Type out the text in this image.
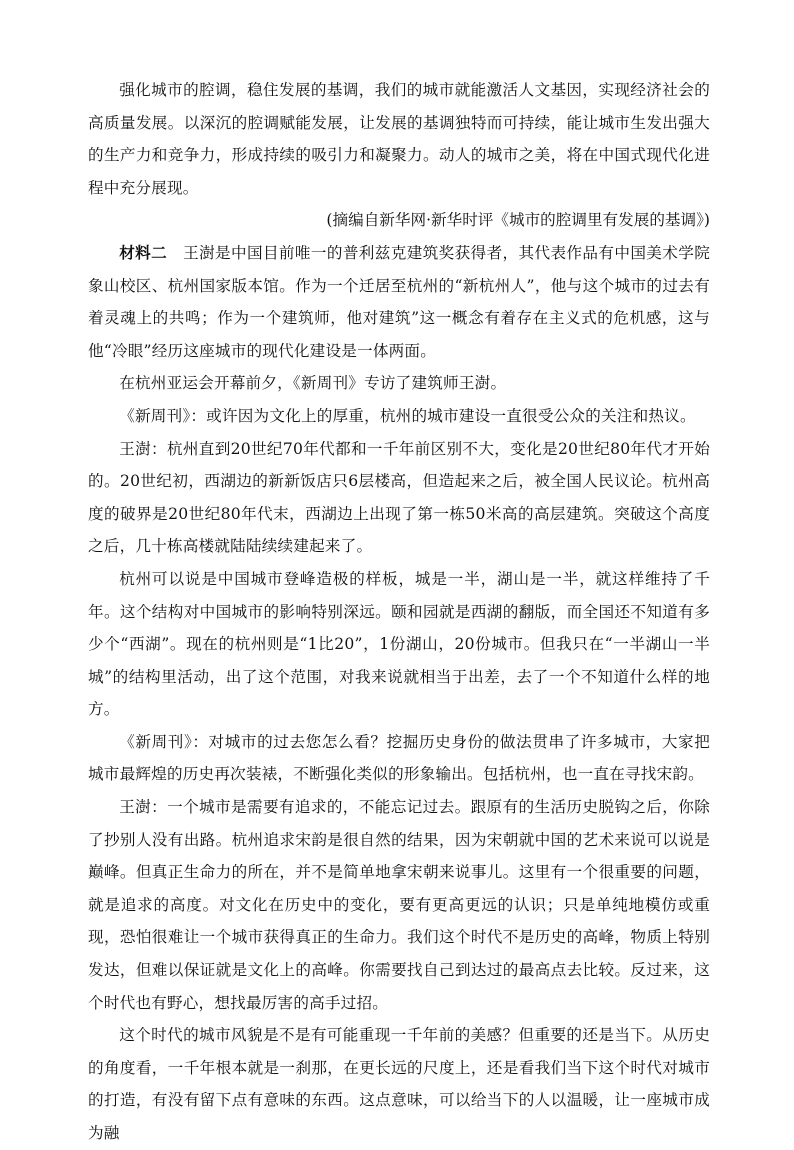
强化城市的腔调，稳住发展的基调，我们的城市就能激活人文基因，实现经济社会的高质量发展。以深沉的腔调赋能发展，让发展的基调独特而可持续，能让城市生发出强大的生产力和竞争力，形成持续的吸引力和凝聚力。动人的城市之美，将在中国式现代化进程中充分展现。

(摘编自新华网·新华时评《城市的腔调里有发展的基调》)

材料二　 王澍是中国目前唯一的普利兹克建筑奖获得者，其代表作品有中国美术学院象山校区、杭州国家版本馆。作为一个迁居至杭州的“新杭州人”，他与这个城市的过去有着灵魂上的共鸣；作为一个建筑师，他对建筑”这一概念有着存在主义式的危机感，这与他“冷眼”经历这座城市的现代化建设是一体两面。

在杭州亚运会开幕前夕，《新周刊》专访了建筑师王澍。

《新周刊》：或许因为文化上的厚重，杭州的城市建设一直很受公众的关注和热议。

王澍：杭州直到20世纪70年代都和一千年前区别不大，变化是20世纪80年代才开始的。20世纪初，西湖边的新新饭店只6层楼高，但造起来之后，被全国人民议论。杭州高度的破界是20世纪80年代末，西湖边上出现了第一栋50米高的高层建筑。突破这个高度之后，几十栋高楼就陆陆续续建起来了。

杭州可以说是中国城市登峰造极的样板，城是一半，湖山是一半，就这样维持了千年。这个结构对中国城市的影响特别深远。颐和园就是西湖的翻版，而全国还不知道有多少个“西湖”。现在的杭州则是“1比20”，1份湖山，20份城市。但我只在“一半湖山一半城”的结构里活动，出了这个范围，对我来说就相当于出差，去了一个不知道什么样的地方。

《新周刊》：对城市的过去您怎么看？挖掘历史身份的做法贯串了许多城市，大家把城市最辉煌的历史再次装裱，不断强化类似的形象输出。包括杭州，也一直在寻找宋韵。

王澍：一个城市是需要有追求的，不能忘记过去。跟原有的生活历史脱钩之后，你除了抄别人没有出路。杭州追求宋韵是很自然的结果，因为宋朝就中国的艺术来说可以说是巅峰。但真正生命力的所在，并不是简单地拿宋朝来说事儿。这里有一个很重要的问题，就是追求的高度。对文化在历史中的变化，要有更高更远的认识；只是单纯地模仿或重现，恐怕很难让一个城市获得真正的生命力。我们这个时代不是历史的高峰，物质上特别发达，但难以保证就是文化上的高峰。你需要找自己到达过的最高点去比较。反过来，这个时代也有野心，想找最厉害的高手过招。

这个时代的城市风貌是不是有可能重现一千年前的美感？但重要的还是当下。从历史的角度看，一千年根本就是一刹那，在更长远的尺度上，还是看我们当下这个时代对城市的打造，有没有留下点有意味的东西。这点意味，可以给当下的人以温暖，让一座城市成为融
